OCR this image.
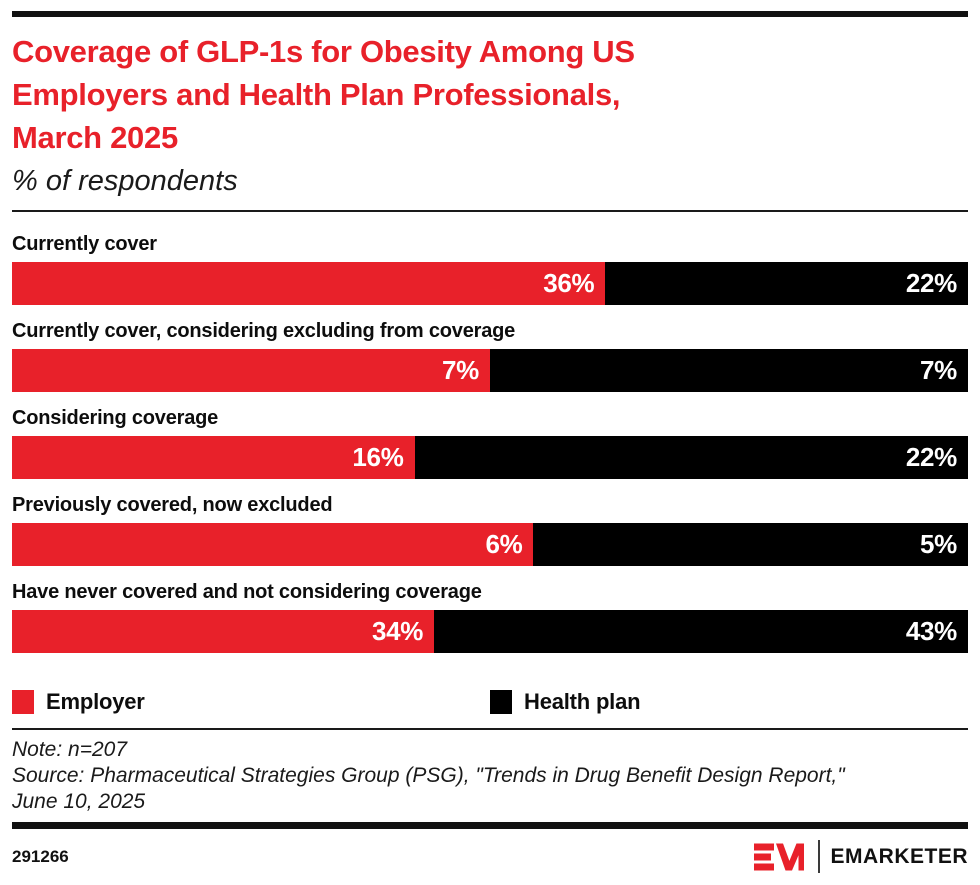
Coverage of GLP-1s for Obesity Among US
Employers and Health Plan Professionals,
March 2025
% of respondents
Currently cover
36%	22%
Currently cover, considering excluding from coverage
7%	7%
Considering coverage
16%	22%
Previously covered, now excluded
6%	5%
Have never covered and not considering coverage
34%	43%
Employer	Health plan
Note: n=207
Source: Pharmaceutical Strategies Group (PSG), "Trends in Drug Benefit Design Report,"
June 10, 2025
291266	EMARKETER
